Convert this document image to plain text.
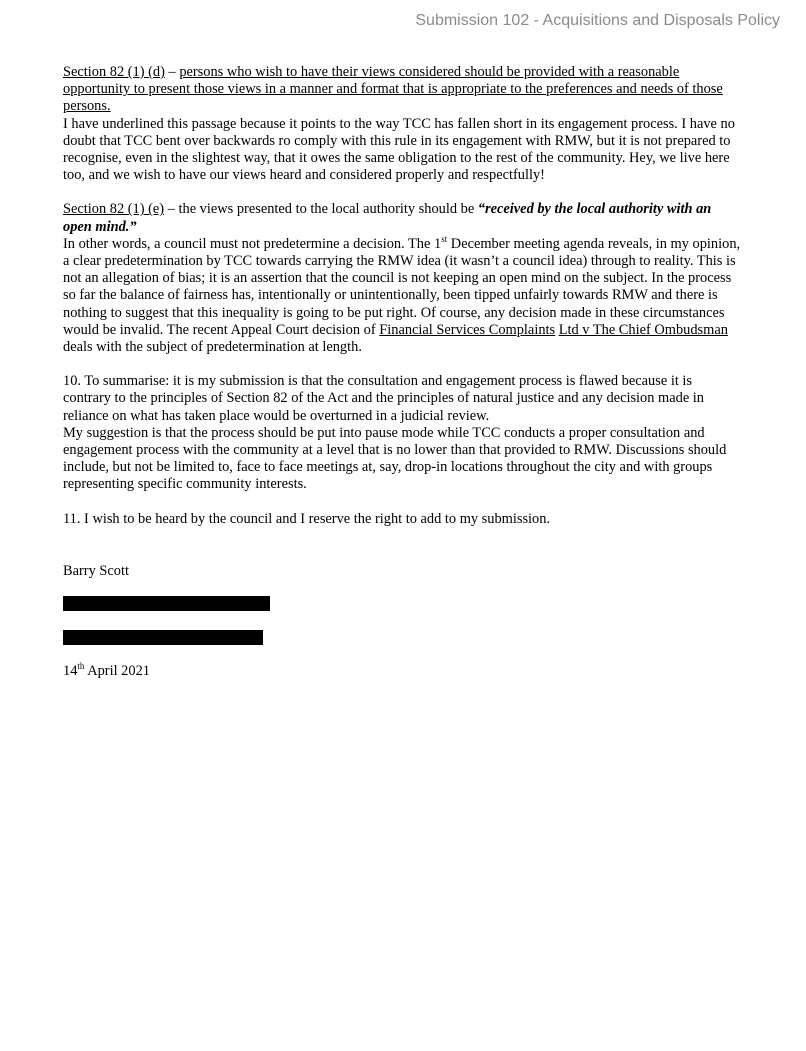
Submission 102 - Acquisitions and Disposals Policy

Section 82 (1) (d) – persons who wish to have their views considered should be provided with a reasonable opportunity to present those views in a manner and format that is appropriate to the preferences and needs of those persons.

I have underlined this passage because it points to the way TCC has fallen short in its engagement process. I have no doubt that TCC bent over backwards ro comply with this rule in its engagement with RMW, but it is not prepared to recognise, even in the slightest way, that it owes the same obligation to the rest of the community. Hey, we live here too, and we wish to have our views heard and considered properly and respectfully!

Section 82 (1) (e) – the views presented to the local authority should be “received by the local authority with an open mind.”

In other words, a council must not predetermine a decision. The 1st December meeting agenda reveals, in my opinion, a clear predetermination by TCC towards carrying the RMW idea (it wasn’t a council idea) through to reality. This is not an allegation of bias; it is an assertion that the council is not keeping an open mind on the subject. In the process so far the balance of fairness has, intentionally or unintentionally, been tipped unfairly towards RMW and there is nothing to suggest that this inequality is going to be put right. Of course, any decision made in these circumstances would be invalid. The recent Appeal Court decision of Financial Services Complaints Ltd v The Chief Ombudsman deals with the subject of predetermination at length.

10. To summarise: it is my submission is that the consultation and engagement process is flawed because it is contrary to the principles of Section 82 of the Act and the principles of natural justice and any decision made in reliance on what has taken place would be overturned in a judicial review.

My suggestion is that the process should be put into pause mode while TCC conducts a proper consultation and engagement process with the community at a level that is no lower than that provided to RMW. Discussions should include, but not be limited to, face to face meetings at, say, drop-in locations throughout the city and with groups representing specific community interests.

11. I wish to be heard by the council and I reserve the right to add to my submission.

Barry Scott

14th April 2021
